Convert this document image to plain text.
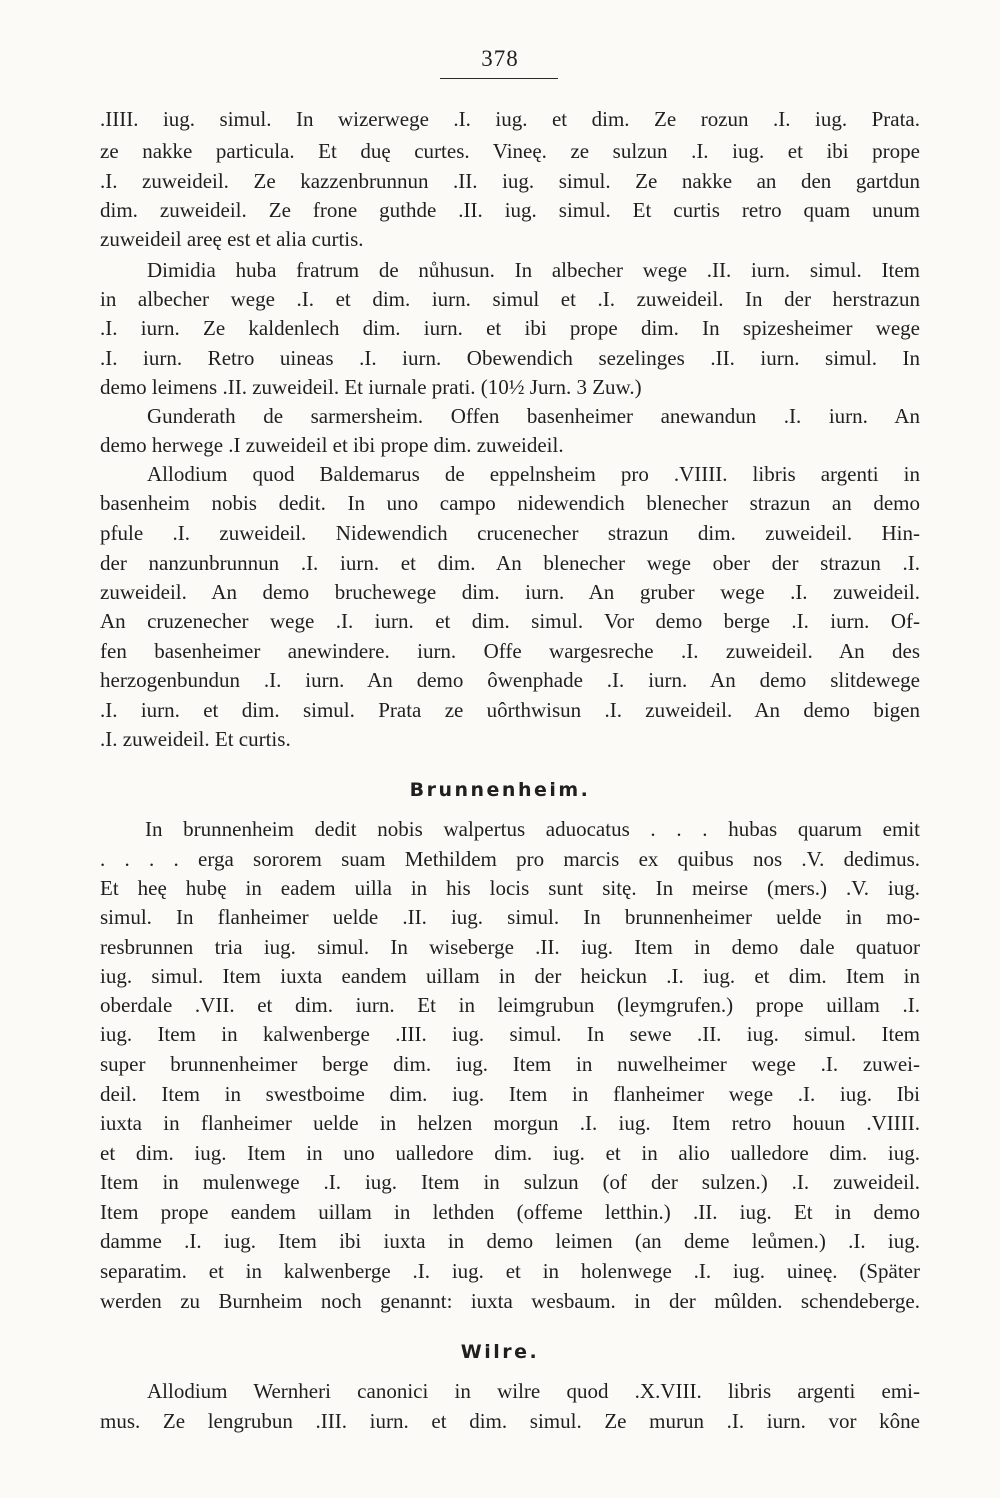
378
.IIII. iug. simul. In wizerwege .I. iug. et dim. Ze rozun .I. iug. Prata.
ze nakke particula. Et duę curtes. Vineę. ze sulzun .I. iug. et ibi prope
.I. zuweideil. Ze kazzenbrunnun .II. iug. simul. Ze nakke an den gartdun
dim. zuweideil. Ze frone guthde .II. iug. simul. Et curtis retro quam unum
zuweideil areę est et alia curtis.
Dimidia huba fratrum de nůhusun. In albecher wege .II. iurn. simul. Item
in albecher wege .I. et dim. iurn. simul et .I. zuweideil. In der herstrazun
.I. iurn. Ze kaldenlech dim. iurn. et ibi prope dim. In spizesheimer wege
.I. iurn. Retro uineas .I. iurn. Obewendich sezelinges .II. iurn. simul. In
demo leimens .II. zuweideil. Et iurnale prati. (10½ Jurn. 3 Zuw.)
Gunderath de sarmersheim. Offen basenheimer anewandun .I. iurn. An
demo herwege .I zuweideil et ibi prope dim. zuweideil.
Allodium quod Baldemarus de eppelnsheim pro .VIIII. libris argenti in
basenheim nobis dedit. In uno campo nidewendich blenecher strazun an demo
pfule .I. zuweideil. Nidewendich crucenecher strazun dim. zuweideil. Hin-
der nanzunbrunnun .I. iurn. et dim. An blenecher wege ober der strazun .I.
zuweideil. An demo bruchewege dim. iurn. An gruber wege .I. zuweideil.
An cruzenecher wege .I. iurn. et dim. simul. Vor demo berge .I. iurn. Of-
fen basenheimer anewindere. iurn. Offe wargesreche .I. zuweideil. An des
herzogenbundun .I. iurn. An demo ôwenphade .I. iurn. An demo slitdewege
.I. iurn. et dim. simul. Prata ze uôrthwisun .I. zuweideil. An demo bigen
.I. zuweideil. Et curtis.
In brunnenheim dedit nobis walpertus aduocatus . . . hubas quarum emit
. . . . erga sororem suam Methildem pro marcis ex quibus nos .V. dedimus.
Et heę hubę in eadem uilla in his locis sunt sitę. In meirse (mers.) .V. iug.
simul. In flanheimer uelde .II. iug. simul. In brunnenheimer uelde in mo-
resbrunnen tria iug. simul. In wiseberge .II. iug. Item in demo dale quatuor
iug. simul. Item iuxta eandem uillam in der heickun .I. iug. et dim. Item in
oberdale .VII. et dim. iurn. Et in leimgrubun (leymgrufen.) prope uillam .I.
iug. Item in kalwenberge .III. iug. simul. In sewe .II. iug. simul. Item
super brunnenheimer berge dim. iug. Item in nuwelheimer wege .I. zuwei-
deil. Item in swestboime dim. iug. Item in flanheimer wege .I. iug. Ibi
iuxta in flanheimer uelde in helzen morgun .I. iug. Item retro houun .VIIII.
et dim. iug. Item in uno ualledore dim. iug. et in alio ualledore dim. iug.
Item in mulenwege .I. iug. Item in sulzun (of der sulzen.) .I. zuweideil.
Item prope eandem uillam in lethden (offeme letthin.) .II. iug. Et in demo
damme .I. iug. Item ibi iuxta in demo leimen (an deme leůmen.) .I. iug.
separatim. et in kalwenberge .I. iug. et in holenwege .I. iug. uineę. (Später
werden zu Burnheim noch genannt: iuxta wesbaum. in der mûlden. schendeberge.
Allodium Wernheri canonici in wilre quod .X.VIII. libris argenti emi-
mus. Ze lengrubun .III. iurn. et dim. simul. Ze murun .I. iurn. vor kône
Brunnenheim.
Wilre.
